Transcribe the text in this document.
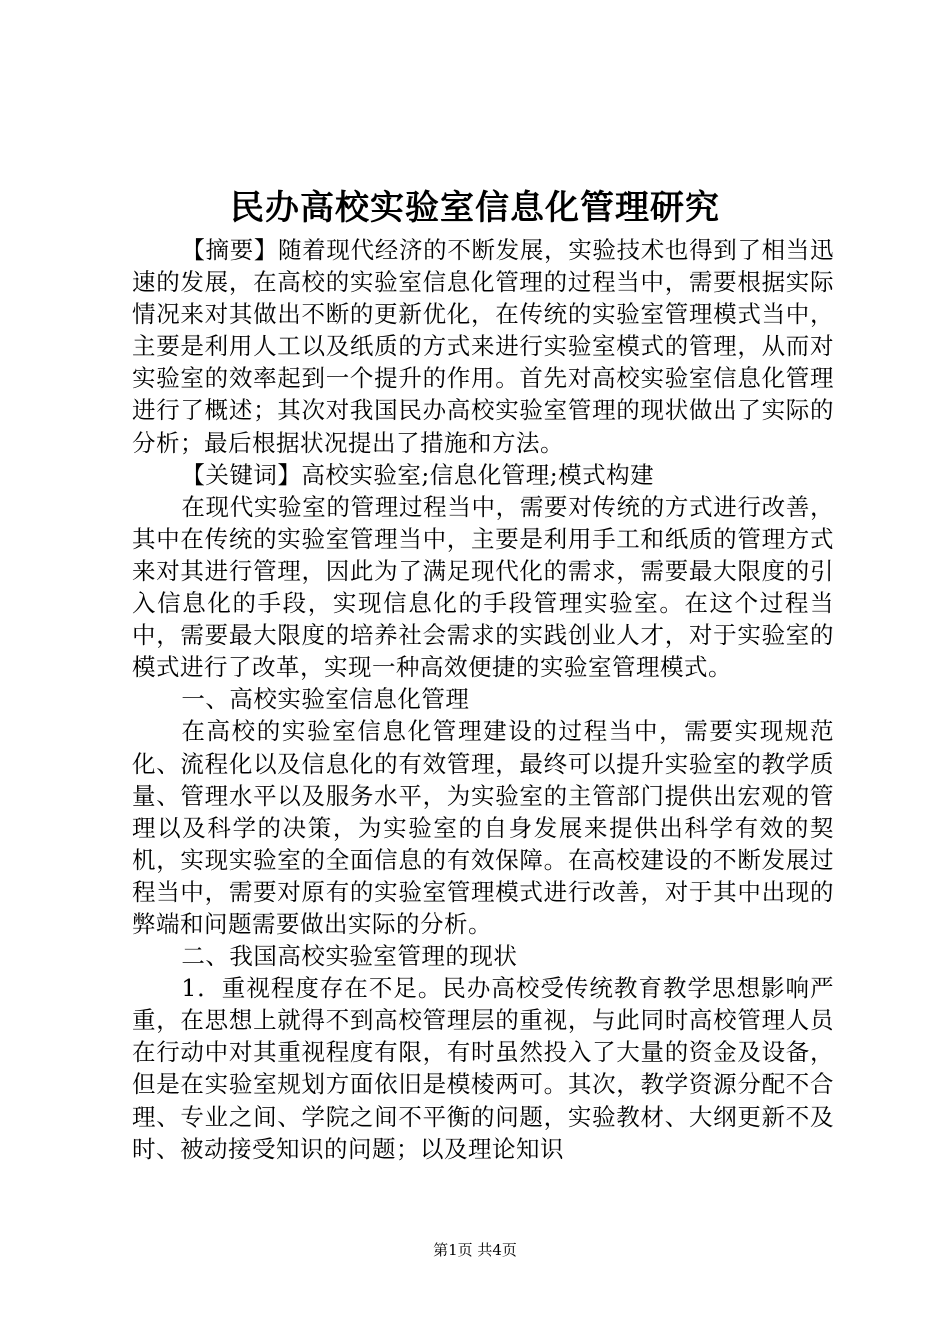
民办高校实验室信息化管理研究

【摘要】随着现代经济的不断发展，实验技术也得到了相当迅速的发展，在高校的实验室信息化管理的过程当中，需要根据实际情况来对其做出不断的更新优化，在传统的实验室管理模式当中，主要是利用人工以及纸质的方式来进行实验室模式的管理，从而对实验室的效率起到一个提升的作用。首先对高校实验室信息化管理进行了概述；其次对我国民办高校实验室管理的现状做出了实际的分析；最后根据状况提出了措施和方法。

【关键词】高校实验室;信息化管理;模式构建

在现代实验室的管理过程当中，需要对传统的方式进行改善，其中在传统的实验室管理当中，主要是利用手工和纸质的管理方式来对其进行管理，因此为了满足现代化的需求，需要最大限度的引入信息化的手段，实现信息化的手段管理实验室。在这个过程当中，需要最大限度的培养社会需求的实践创业人才，对于实验室的模式进行了改革，实现一种高效便捷的实验室管理模式。

一、高校实验室信息化管理

在高校的实验室信息化管理建设的过程当中，需要实现规范化、流程化以及信息化的有效管理，最终可以提升实验室的教学质量、管理水平以及服务水平，为实验室的主管部门提供出宏观的管理以及科学的决策，为实验室的自身发展来提供出科学有效的契机，实现实验室的全面信息的有效保障。在高校建设的不断发展过程当中，需要对原有的实验室管理模式进行改善，对于其中出现的弊端和问题需要做出实际的分析。

二、我国高校实验室管理的现状

1．重视程度存在不足。民办高校受传统教育教学思想影响严重，在思想上就得不到高校管理层的重视，与此同时高校管理人员在行动中对其重视程度有限，有时虽然投入了大量的资金及设备，但是在实验室规划方面依旧是模棱两可。其次，教学资源分配不合理、专业之间、学院之间不平衡的问题，实验教材、大纲更新不及时、被动接受知识的问题；以及理论知识

第1页 共4页
